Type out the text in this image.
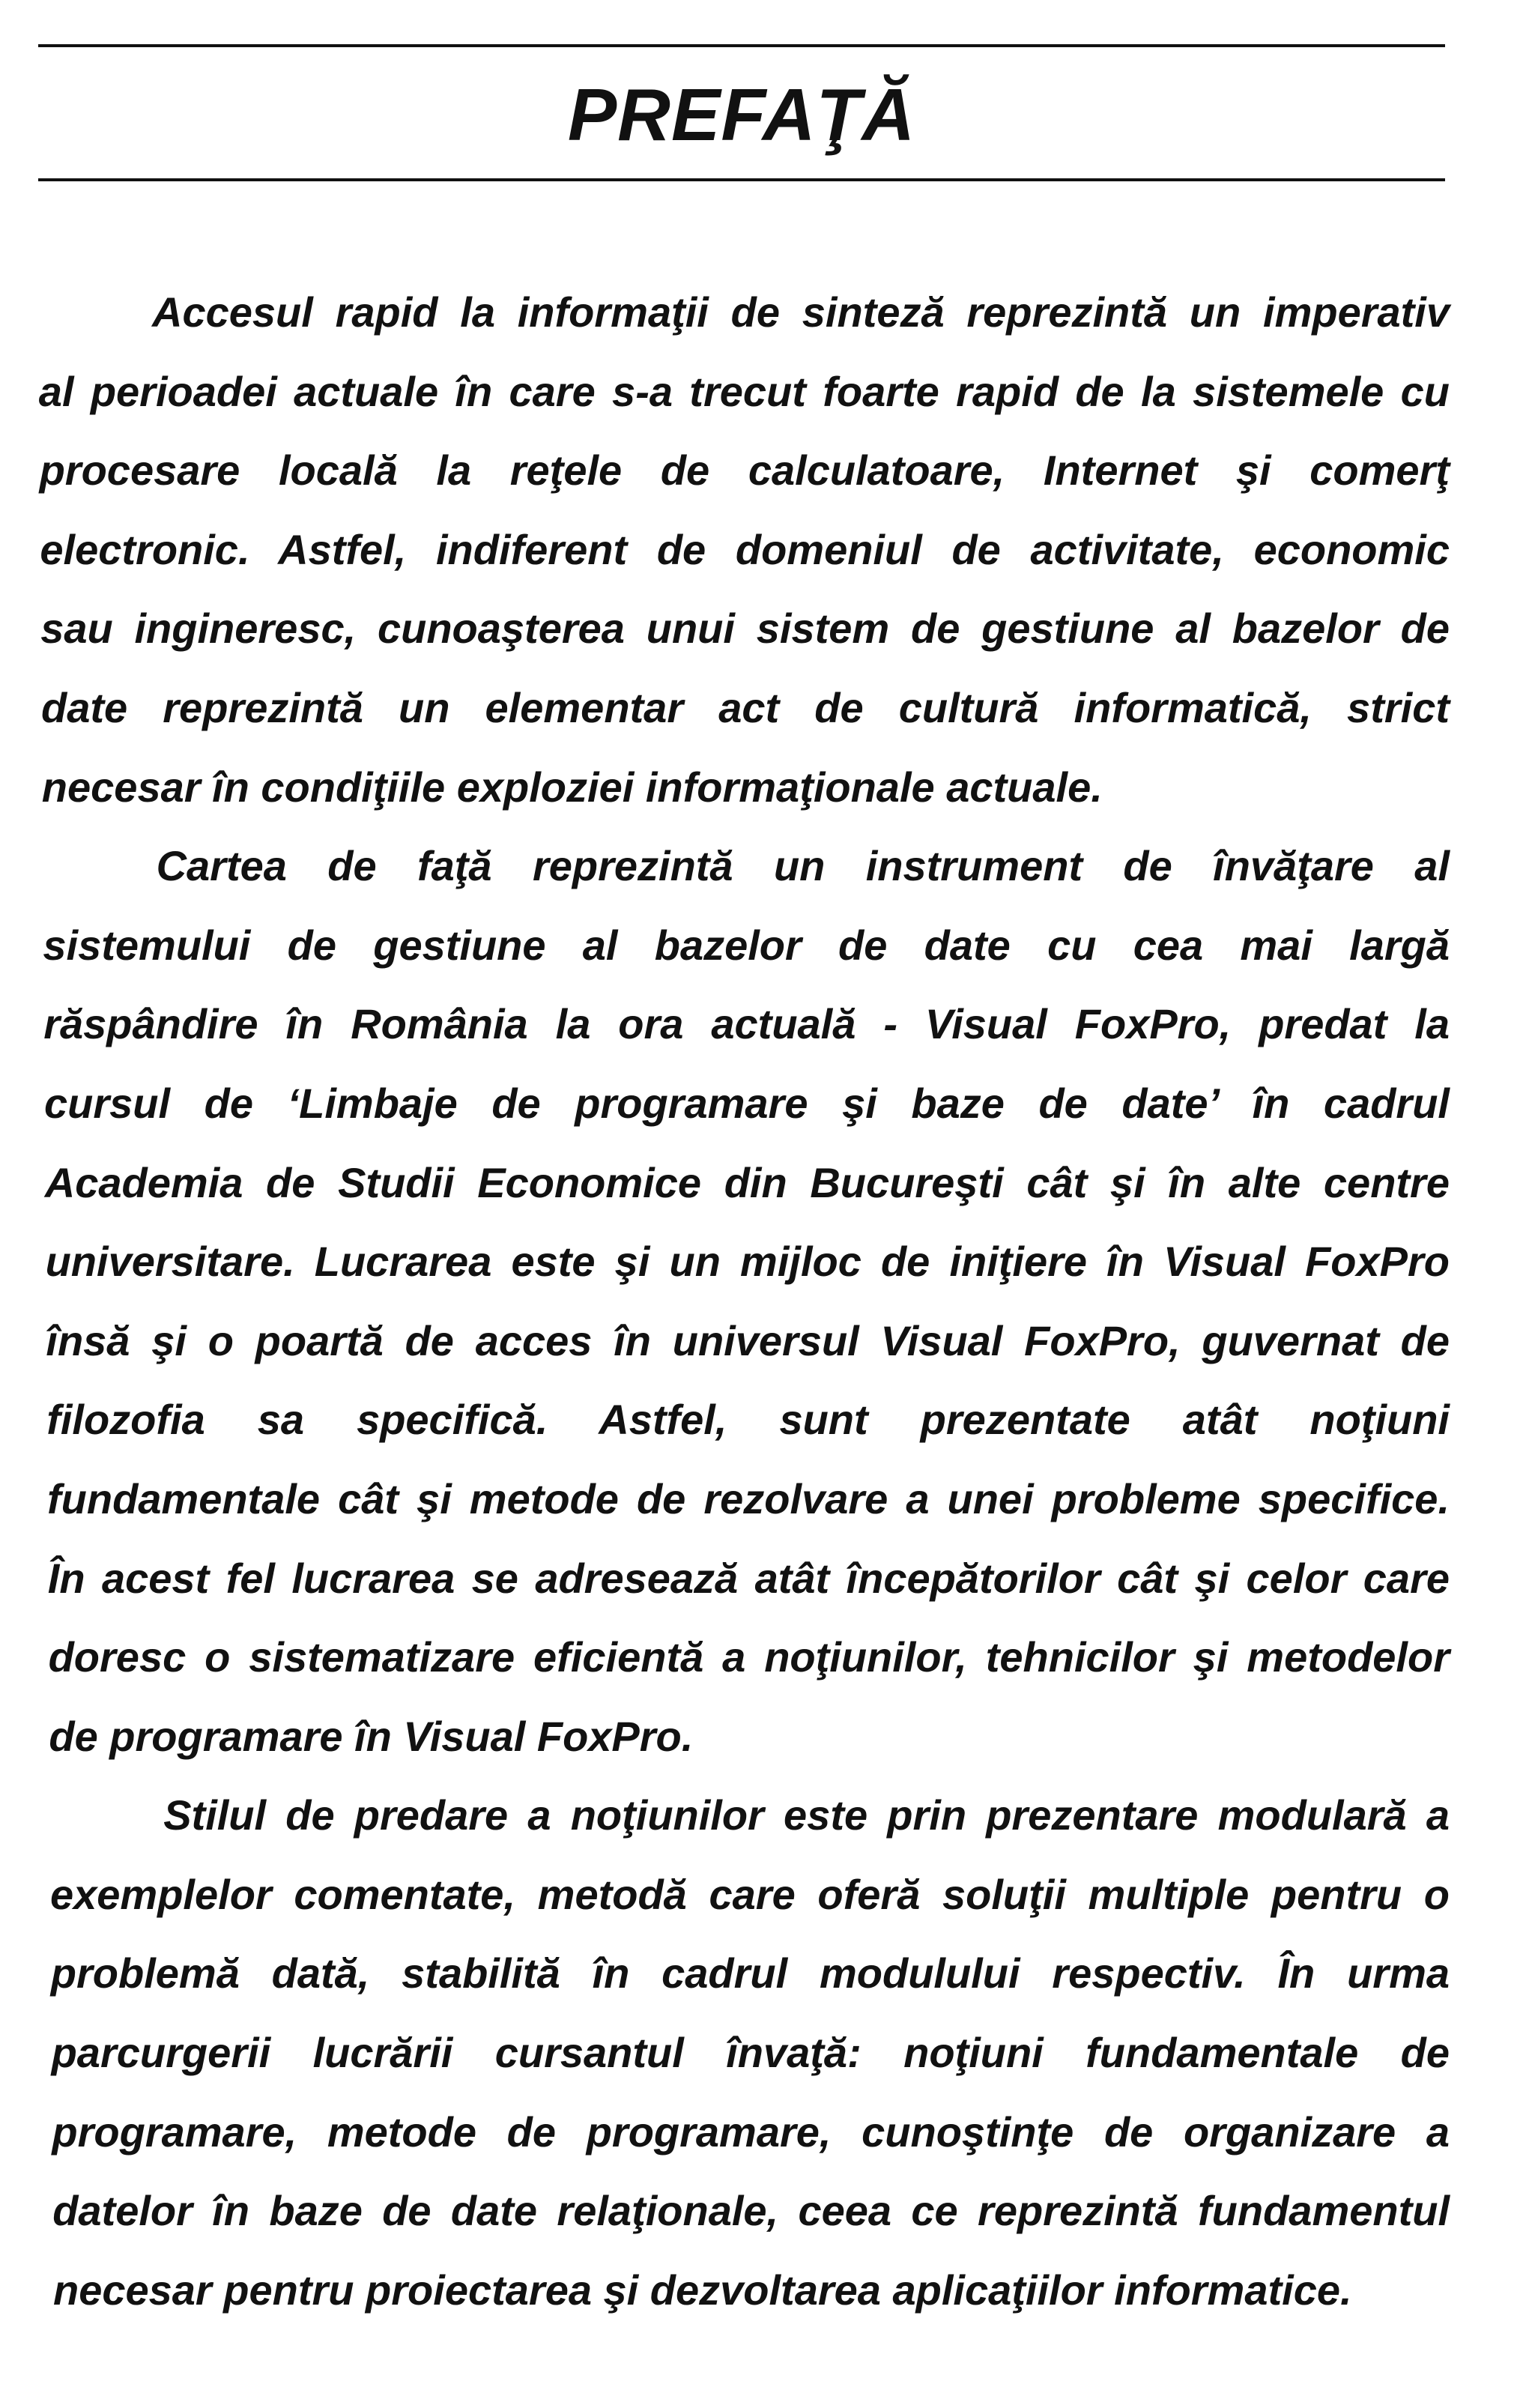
PREFAŢĂ
Accesul rapid la informaţii de sinteză reprezintă un imperativ
al perioadei actuale în care s-a trecut foarte rapid de la sistemele cu
procesare locală la reţele de calculatoare, Internet şi comerţ
electronic. Astfel, indiferent de domeniul de activitate, economic
sau ingineresc, cunoaşterea unui sistem de gestiune al bazelor de
date reprezintă un elementar act de cultură informatică, strict
necesar în condiţiile exploziei informaţionale actuale.
Cartea de faţă reprezintă un instrument de învăţare al
sistemului de gestiune al bazelor de date cu cea mai largă
răspândire în România la ora actuală - Visual FoxPro, predat la
cursul de ‘Limbaje de programare şi baze de date’ în cadrul
Academia de Studii Economice din Bucureşti cât şi în alte centre
universitare. Lucrarea este şi un mijloc de iniţiere în Visual FoxPro
însă şi o poartă de acces în universul Visual FoxPro, guvernat de
filozofia sa specifică. Astfel, sunt prezentate atât noţiuni
fundamentale cât şi metode de rezolvare a unei probleme specifice.
În acest fel lucrarea se adresează atât începătorilor cât şi celor care
doresc o sistematizare eficientă a noţiunilor, tehnicilor şi metodelor
de programare în Visual FoxPro.
Stilul de predare a noţiunilor este prin prezentare modulară a
exemplelor comentate, metodă care oferă soluţii multiple pentru o
problemă dată, stabilită în cadrul modulului respectiv. În urma
parcurgerii lucrării cursantul învaţă: noţiuni fundamentale de
programare, metode de programare, cunoştinţe de organizare a
datelor în baze de date relaţionale, ceea ce reprezintă fundamentul
necesar pentru proiectarea şi dezvoltarea aplicaţiilor informatice.
